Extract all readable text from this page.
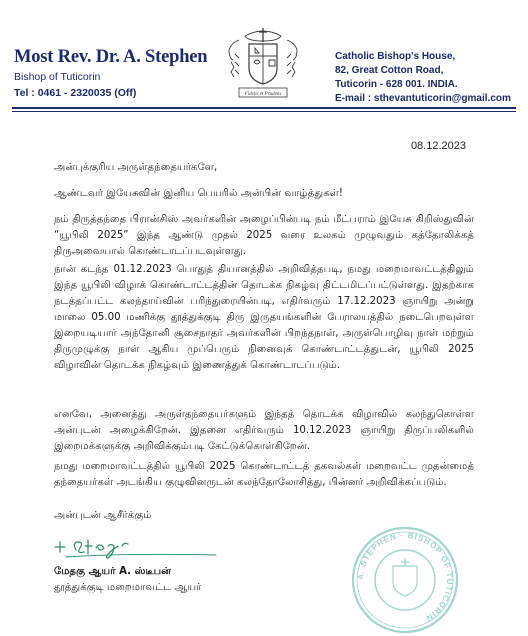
Most Rev. Dr. A. Stephen
Bishop of Tuticorin
Tel : 0461 - 2320035 (Off)	Fidelis et Prudens
Catholic Bishop's House,
82, Great Cotton Road,
Tuticorin - 628 001. INDIA.
E-mail : sthevantuticorin@gmail.com
08.12.2023
அன்புக்குரிய அருள்தந்தையர்களே,
ஆண்டவர் இயேசுவின் இனிய பெயரில் அன்பின் வாழ்த்துகள்!
நம் திருத்தந்தை பிரான்சிஸ் அவர்களின் அழைப்பின்படி நம் மீட்பராம் இயேசு கிறிஸ்துவின் “யூபிலி 2025” இந்த ஆண்டு முதல் 2025 வரை உலகம் முழுவதும் கத்தோலிக்கத் திருஅவையால் கொண்டாடப்படவுள்ளது.
நான் கடந்த 01.12.2023 பொதுத் தியானத்தில் அறிவித்தபடி, நமது மறைமாவட்டத்திலும் இந்த யூபிலி விழாக் கொண்டாட்டத்தின் தொடக்க நிகழ்வு திட்டமிடப்பட்டுள்ளது. இதற்காக நடத்தப்பட்ட கலந்தாய்வின் பரிந்துரையின்படி, எதிர்வரும் 17.12.2023 ஞாயிறு அன்று மாலை 05.00 மணிக்கு தூத்துக்குடி திரு இருதயங்களின் பேராலயத்தில் நடைபெறவுள்ள இறையடியார் அந்தோனி சூசைநாதர் அவர்களின் பிறந்தநாள், அருள்பொழிவு நாள் மற்றும் திருமுழுக்கு நாள் ஆகிய முப்பெரும் நினைவுக் கொண்டாட்டத்துடன், யூபிலி 2025 விழாவின் தொடக்க நிகழ்வும் இணைத்துக் கொண்டாடப்படும்.
எனவே, அனைத்து அருள்தந்தையர்களும் இந்தத் தொடக்க விழாவில் கலந்துகொள்ள அன்புடன் அழைக்கிறேன். இதனை எதிர்வரும் 10.12.2023 ஞாயிறு திருப்பலிகளில் இறைமக்களுக்கு அறிவிக்கும்படி கேட்டுக்கொள்கிறேன்.
நமது மறைமாவட்டத்தில் யூபிலி 2025 கொண்டாட்டத் தகவல்கள் மறைவட்ட முதன்மைத் தந்தையர்கள் அடங்கிய குழுவினருடன் கலந்தோலோசித்து, பின்னர் அறிவிக்கப்படும்.
அன்புடன் ஆசீர்க்கும்
மேதகு ஆயர் A. ஸ்டீபன்
தூத்துக்குடி மறைமாவட்ட ஆயர்
A. STEPHEN · BISHOP OF TUTICORIN
